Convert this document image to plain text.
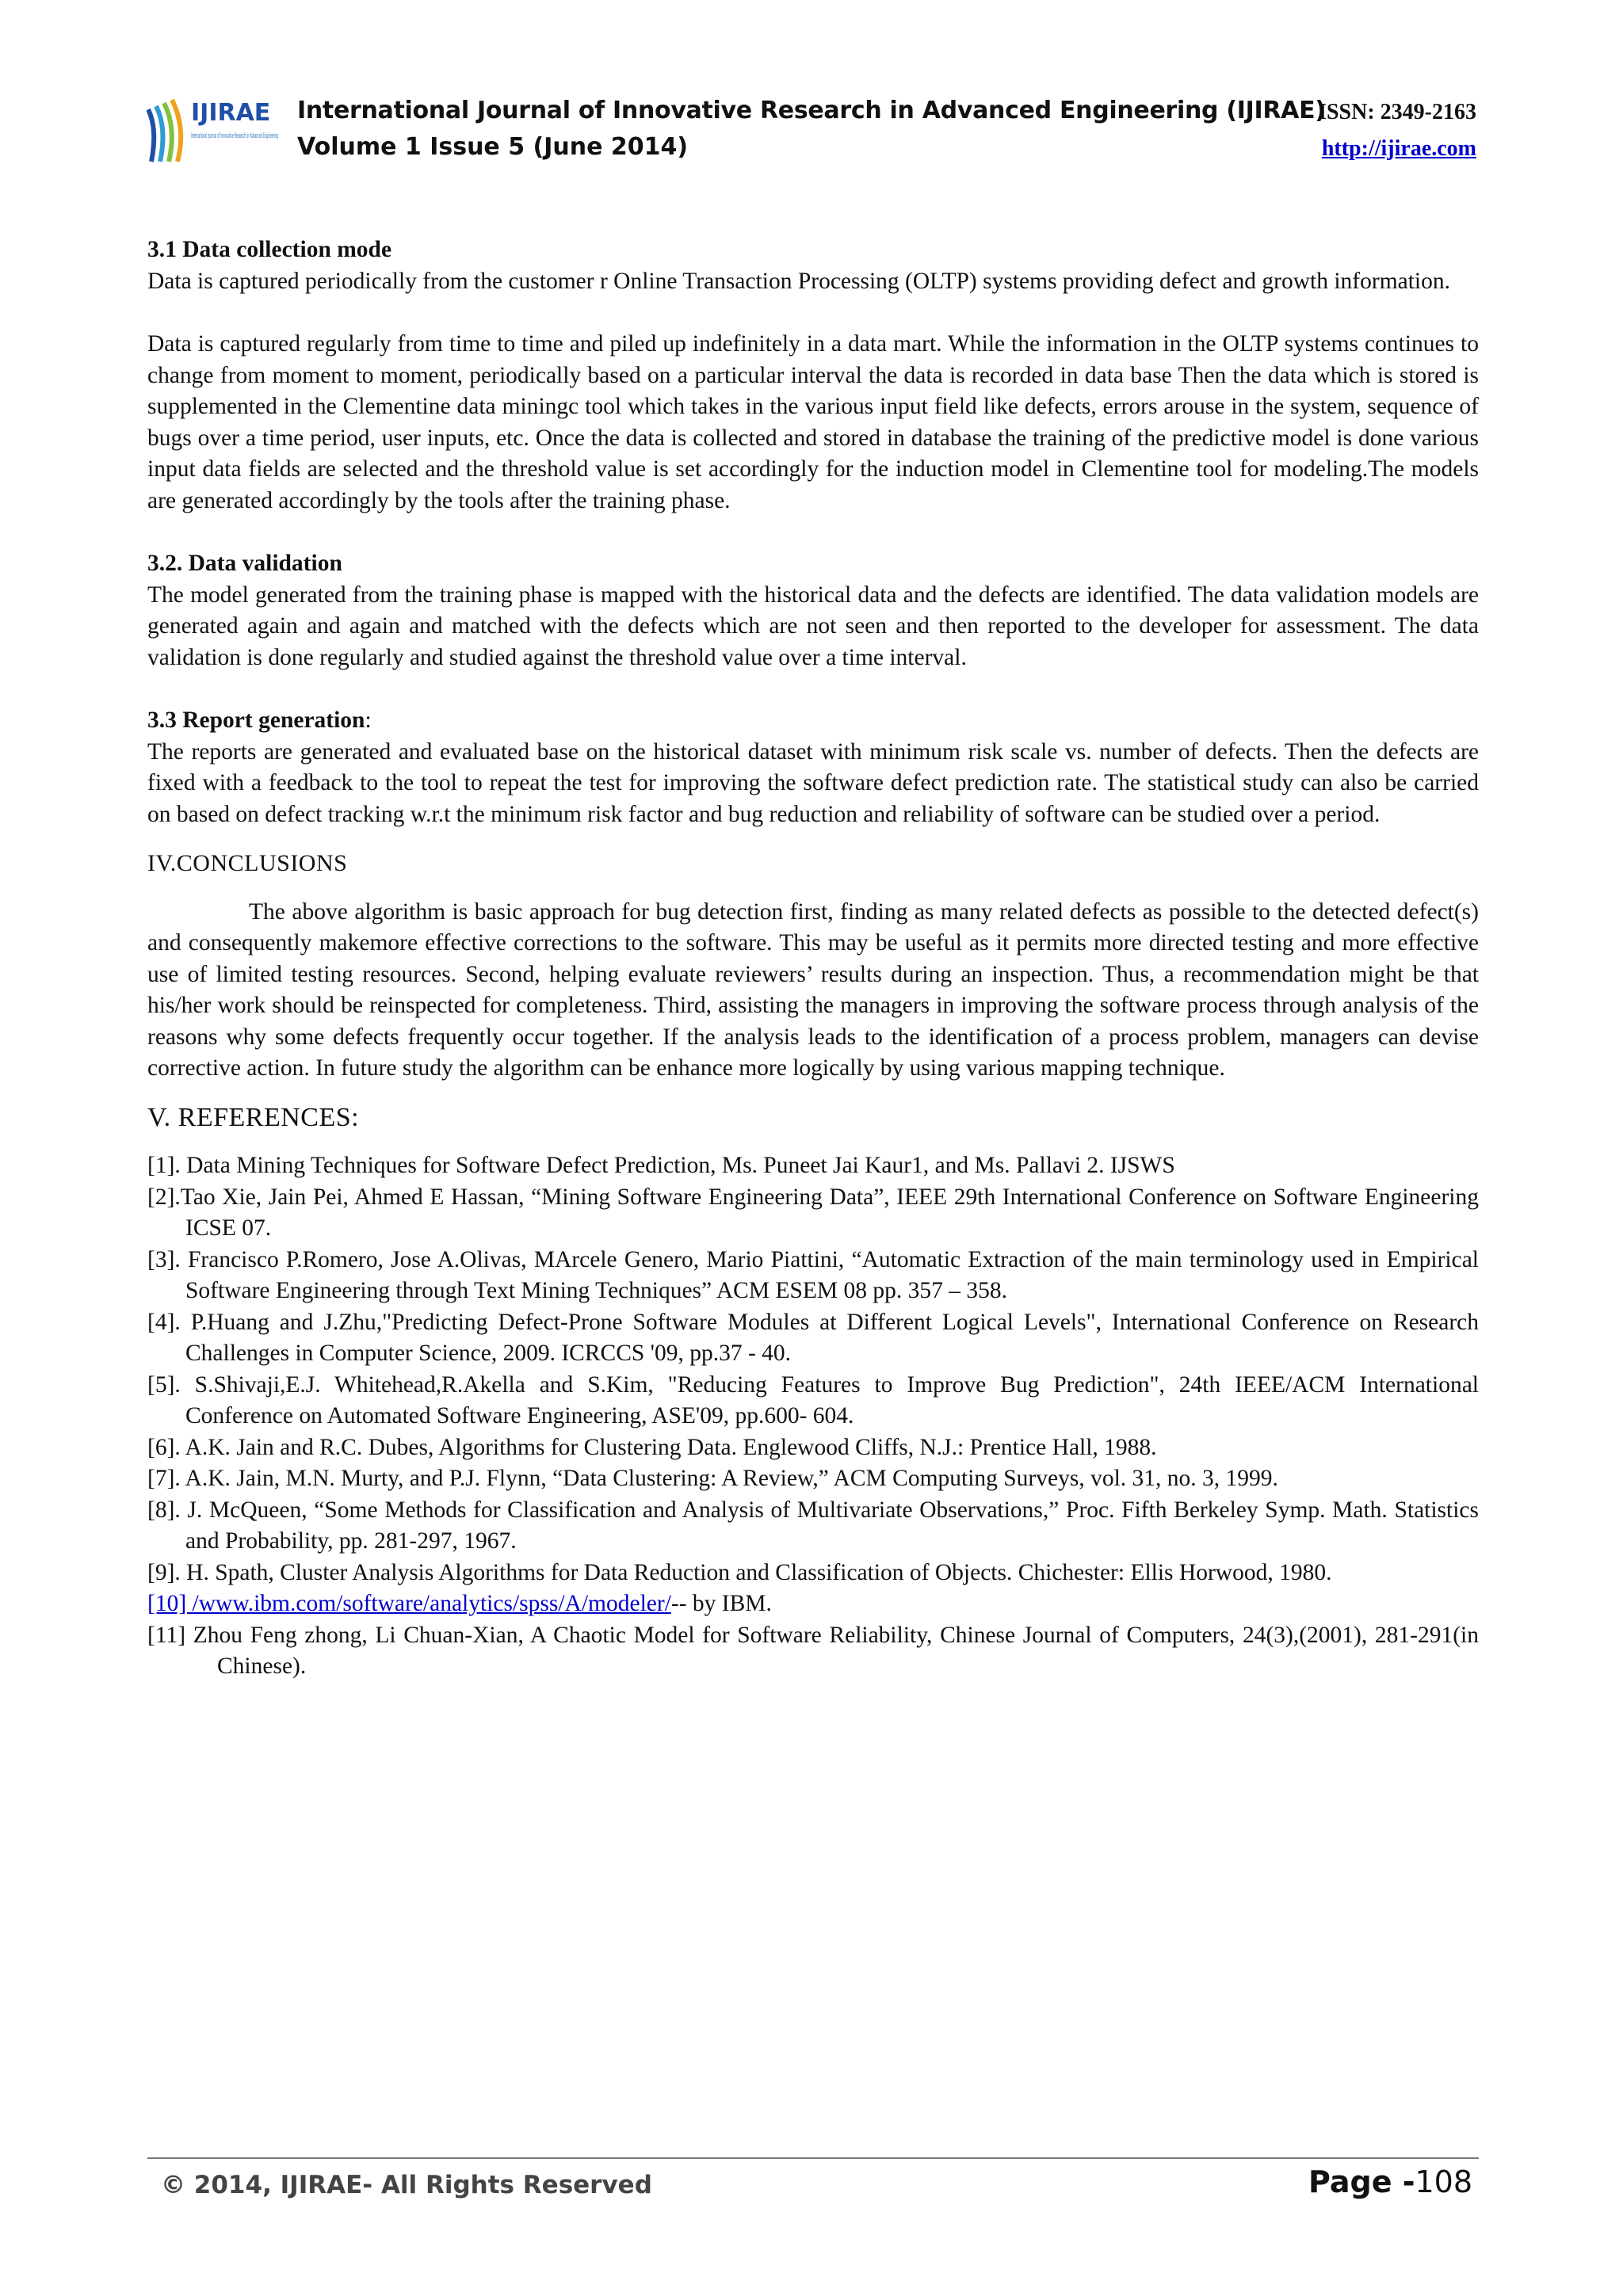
IJIRAE
International Journal of Innovative Research in Advanced Engineering
International Journal of Innovative Research in Advanced Engineering (IJIRAE)
Volume 1 Issue 5 (June 2014)
ISSN: 2349-2163
http://ijirae.com

3.1 Data collection mode

Data is captured periodically from the customer r Online Transaction Processing (OLTP) systems providing defect and growth information.

Data is captured regularly from time to time and piled up indefinitely in a data mart. While the information in the OLTP systems continues to change from moment to moment, periodically based on a particular interval the data is recorded in data base Then the data which is stored is supplemented in the Clementine data miningc tool which takes in the various input field like defects, errors arouse in the system, sequence of bugs over a time period, user inputs, etc. Once the data is collected and stored in database the training of the predictive model is done various input data fields are selected and the threshold value is set accordingly for the induction model in Clementine tool for modeling.The models are generated accordingly by the tools after the training phase.

3.2. Data validation

The model generated from the training phase is mapped with the historical data and the defects are identified. The data validation models are generated again and again and matched with the defects which are not seen and then reported to the developer for assessment. The data validation is done regularly and studied against the threshold value over a time interval.

3.3 Report generation:

The reports are generated and evaluated base on the historical dataset with minimum risk scale vs. number of defects. Then the defects are fixed with a feedback to the tool to repeat the test for improving the software defect prediction rate. The statistical study can also be carried on based on defect tracking w.r.t the minimum risk factor and bug reduction and reliability of software can be studied over a period.

IV.CONCLUSIONS

The above algorithm is basic approach for bug detection first, finding as many related defects as possible to the detected defect(s) and consequently makemore effective corrections to the software. This may be useful as it permits more directed testing and more effective use of limited testing resources. Second, helping evaluate reviewers’ results during an inspection. Thus, a recommendation might be that his/her work should be reinspected for completeness. Third, assisting the managers in improving the software process through analysis of the reasons why some defects frequently occur together. If the analysis leads to the identification of a process problem, managers can devise corrective action. In future study the algorithm can be enhance more logically by using various mapping technique.

V. REFERENCES:

[1]. Data Mining Techniques for Software Defect Prediction, Ms. Puneet Jai Kaur1, and Ms. Pallavi 2. IJSWS

[2].Tao Xie, Jain Pei, Ahmed E Hassan, “Mining Software Engineering Data”, IEEE 29th International Conference on Software Engineering ICSE 07.

[3]. Francisco P.Romero, Jose A.Olivas, MArcele Genero, Mario Piattini, “Automatic Extraction of the main terminology used in Empirical Software Engineering through Text Mining Techniques” ACM ESEM 08 pp. 357 – 358.

[4]. P.Huang and J.Zhu,"Predicting Defect-Prone Software Modules at Different Logical Levels", International Conference on Research Challenges in Computer Science, 2009. ICRCCS '09, pp.37 - 40.

[5]. S.Shivaji,E.J. Whitehead,R.Akella and S.Kim, "Reducing Features to Improve Bug Prediction", 24th IEEE/ACM International Conference on Automated Software Engineering, ASE'09, pp.600- 604.

[6]. A.K. Jain and R.C. Dubes, Algorithms for Clustering Data. Englewood Cliffs, N.J.: Prentice Hall, 1988.

[7]. A.K. Jain, M.N. Murty, and P.J. Flynn, “Data Clustering: A Review,” ACM Computing Surveys, vol. 31, no. 3, 1999.

[8]. J. McQueen, “Some Methods for Classification and Analysis of Multivariate Observations,” Proc. Fifth Berkeley Symp. Math. Statistics and Probability, pp. 281-297, 1967.

[9]. H. Spath, Cluster Analysis Algorithms for Data Reduction and Classification of Objects. Chichester: Ellis Horwood, 1980.

[10] /www.ibm.com/software/analytics/spss/A/modeler/-- by IBM.

[11] Zhou Feng zhong, Li Chuan-Xian, A Chaotic Model for Software Reliability, Chinese Journal of Computers, 24(3),(2001), 281-291(in Chinese).

© 2014, IJIRAE- All Rights Reserved	Page -108
